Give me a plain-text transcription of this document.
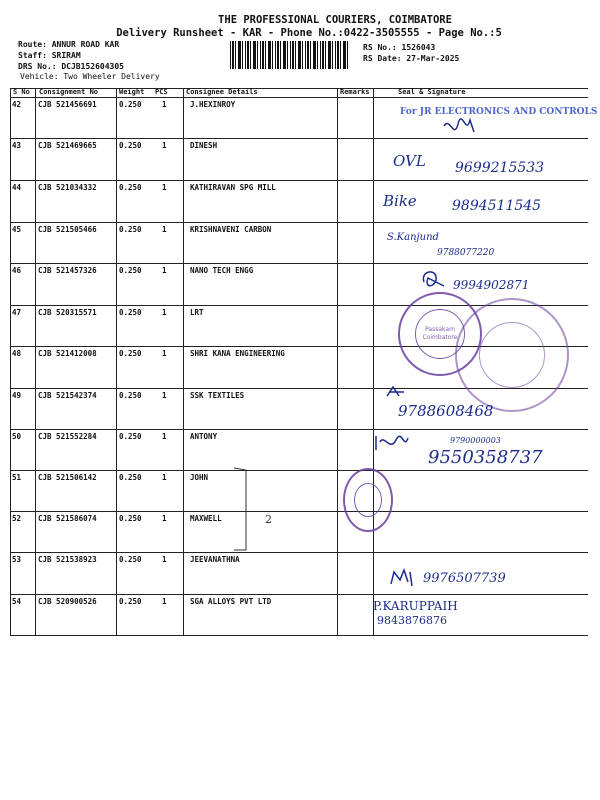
THE PROFESSIONAL COURIERS, COIMBATORE
Delivery Runsheet - KAR - Phone No.:0422-3505555 - Page No.:5
Route: ANNUR ROAD KAR
Staff: SRIRAM
DRS No.: DCJB152604305
Vehicle: Two Wheeler Delivery
RS No.: 1526043
RS Date: 27-Mar-2025
S No Consignment No	Weight PCS	Consignee Details	Remarks	Seal & Signature
42 CJB 521456691	0.250	1	J.HEXINROY
43 CJB 521469665	0.250	1	DINESH
44 CJB 521034332	0.250	1	KATHIRAVAN SPG MILL
45 CJB 521505466	0.250	1	KRISHNAVENI CARBON
46 CJB 521457326	0.250	1	NANO TECH ENGG
47 CJB 520315571	0.250	1	LRT
48 CJB 521412008	0.250	1	SHRI KANA ENGINEERING
49 CJB 521542374	0.250	1	SSK TEXTILES
50 CJB 521552284	0.250	1	ANTONY
51 CJB 521506142	0.250	1	JOHN
52 CJB 521586074	0.250	1	MAXWELL
53 CJB 521538923	0.250	1	JEEVANATHNA
54 CJB 520900526	0.250	1	SGA ALLOYS PVT LTD
For JR ELECTRONICS AND CONTROLS
OVL 9699215533
Bike	9894511545
S.Kanjund
9788077220
9994902871
Passakam Coimbatore
9788608468
9790000003
9550358737
2
9976507739
P.KARUPPAIH
9843876876
